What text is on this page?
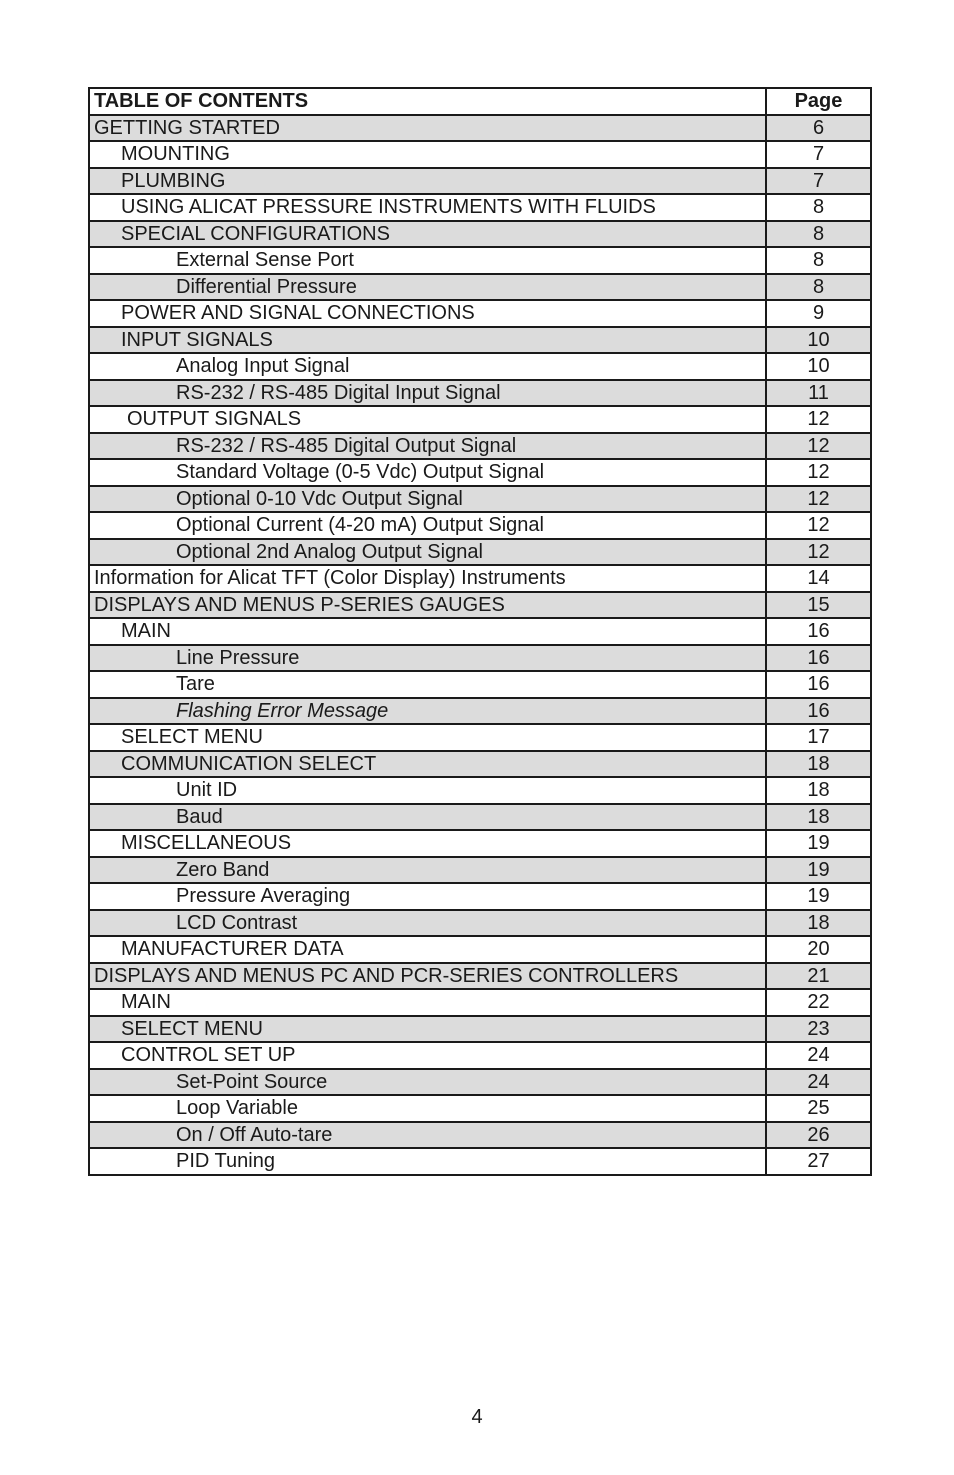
TABLE OF CONTENTS	Page
GETTING STARTED	6
MOUNTING	7
PLUMBING	7
USING ALICAT PRESSURE INSTRUMENTS WITH FLUIDS	8
SPECIAL CONFIGURATIONS	8
External Sense Port	8
Differential Pressure	8
POWER AND SIGNAL CONNECTIONS	9
INPUT SIGNALS	10
Analog Input Signal	10
RS-232 / RS-485 Digital Input Signal	11
OUTPUT SIGNALS	12
RS-232 / RS-485 Digital Output Signal	12
Standard Voltage (0-5 Vdc) Output Signal	12
Optional 0-10 Vdc Output Signal	12
Optional Current (4-20 mA) Output Signal	12
Optional 2nd Analog Output Signal	12
Information for Alicat TFT (Color Display) Instruments	14
DISPLAYS AND MENUS P-SERIES GAUGES	15
MAIN	16
Line Pressure	16
Tare	16
Flashing Error Message	16
SELECT MENU	17
COMMUNICATION SELECT	18
Unit ID	18
Baud	18
MISCELLANEOUS	19
Zero Band	19
Pressure Averaging	19
LCD Contrast	18
MANUFACTURER DATA	20
DISPLAYS AND MENUS PC AND PCR-SERIES CONTROLLERS	21
MAIN	22
SELECT MENU	23
CONTROL SET UP	24
Set-Point Source	24
Loop Variable	25
On / Off Auto-tare	26
PID Tuning	27
4
